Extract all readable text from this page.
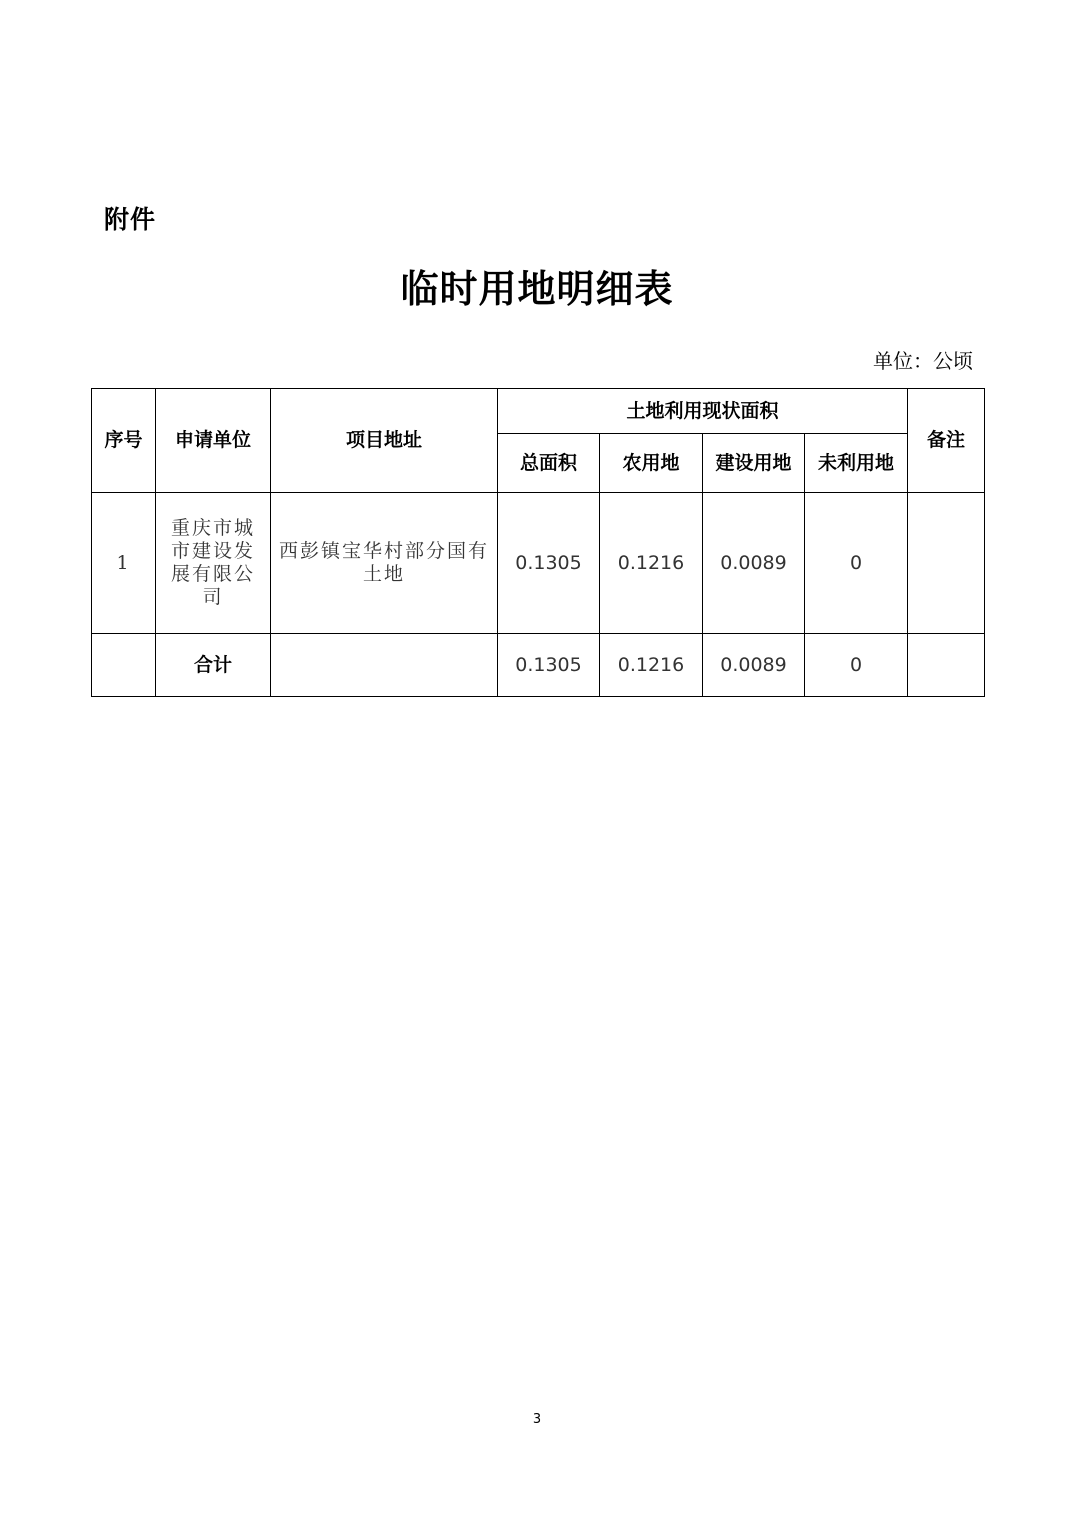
附件
临时用地明细表
单位：公顷
序号	申请单位	项目地址	土地利用现状面积				备注
			总面积	农用地	建设用地	未利用地	
1	重庆市城市建设发展有限公司	西彭镇宝华村部分国有土地	0.1305	0.1216	0.0089	0	
	合计		0.1305	0.1216	0.0089	0	
3
